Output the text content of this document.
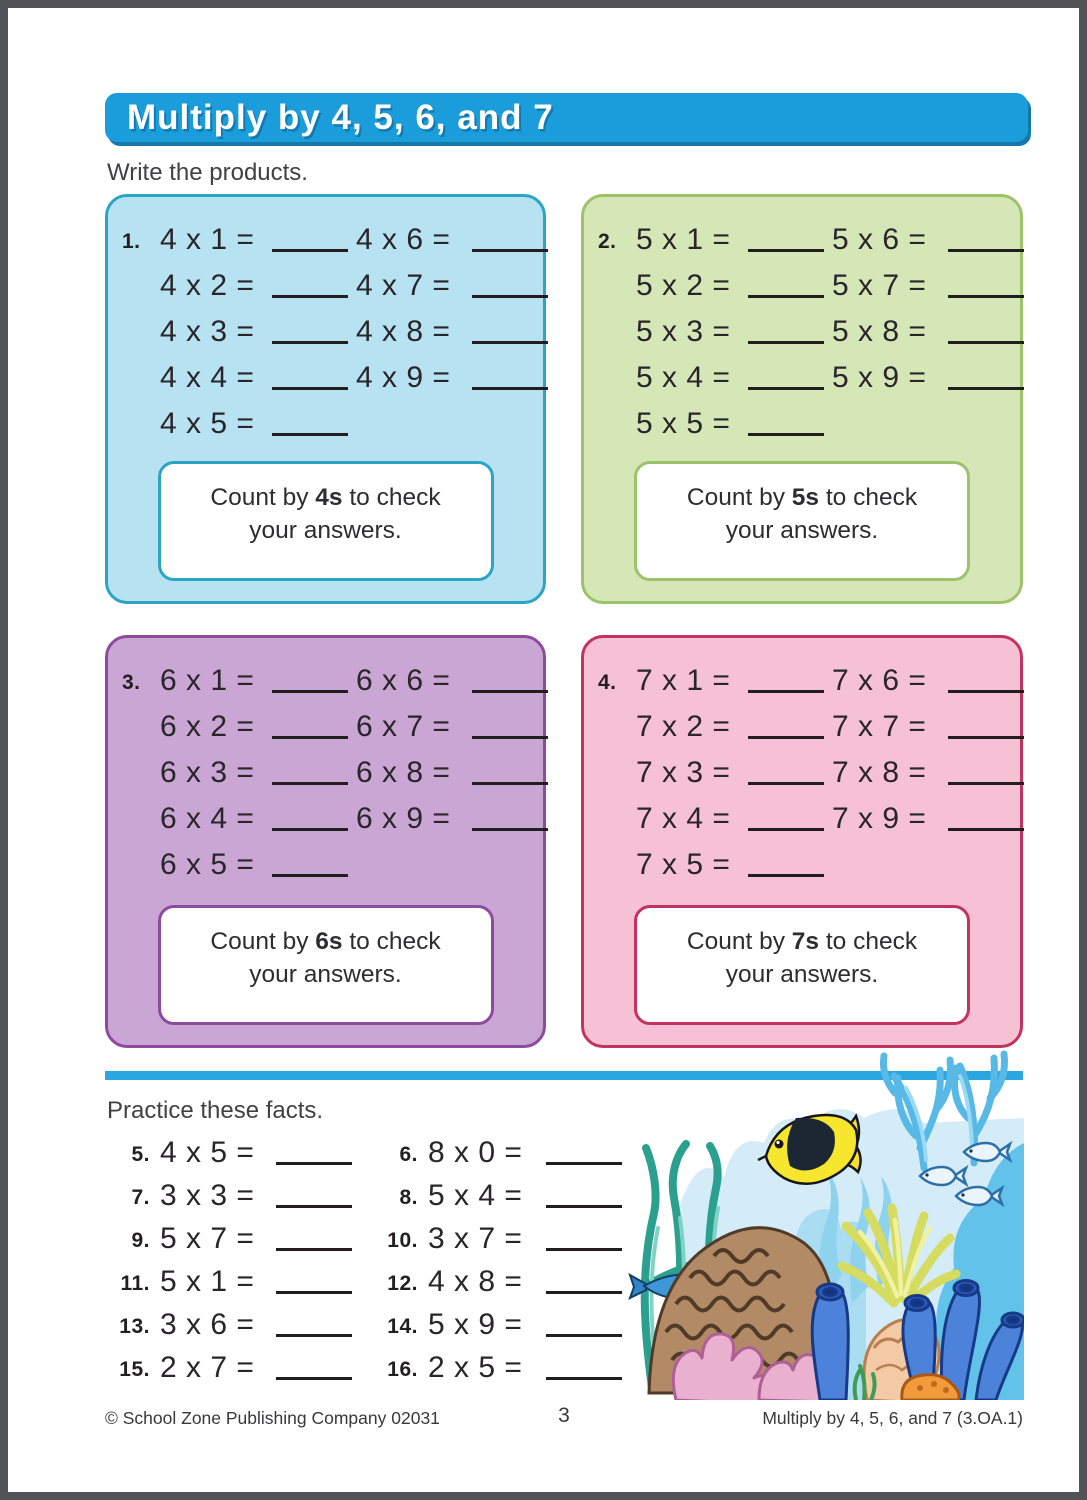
Multiply by 4, 5, 6, and 7
Write the products.
1. 4 x 1 =	4 x 6 =
4 x 2 =	4 x 7 =
4 x 3 =	4 x 8 =
4 x 4 =	4 x 9 =
4 x 5 =
Count by 4s to check
your answers.
2. 5 x 1 =	5 x 6 =
5 x 2 =	5 x 7 =
5 x 3 =	5 x 8 =
5 x 4 =	5 x 9 =
5 x 5 =
Count by 5s to check
your answers.
3. 6 x 1 =	6 x 6 =
6 x 2 =	6 x 7 =
6 x 3 =	6 x 8 =
6 x 4 =	6 x 9 =
6 x 5 =
Count by 6s to check
your answers.
4. 7 x 1 =	7 x 6 =
7 x 2 =	7 x 7 =
7 x 3 =	7 x 8 =
7 x 4 =	7 x 9 =
7 x 5 =
Count by 7s to check
your answers.
Practice these facts.
5. 4 x 5 =	6. 8 x 0 =
7. 3 x 3 =	8. 5 x 4 =
9. 5 x 7 =	10. 3 x 7 =
11. 5 x 1 =	12. 4 x 8 =
13. 3 x 6 =	14. 5 x 9 =
15. 2 x 7 =	16. 2 x 5 =
© School Zone Publishing Company 02031	3	Multiply by 4, 5, 6, and 7 (3.OA.1)
